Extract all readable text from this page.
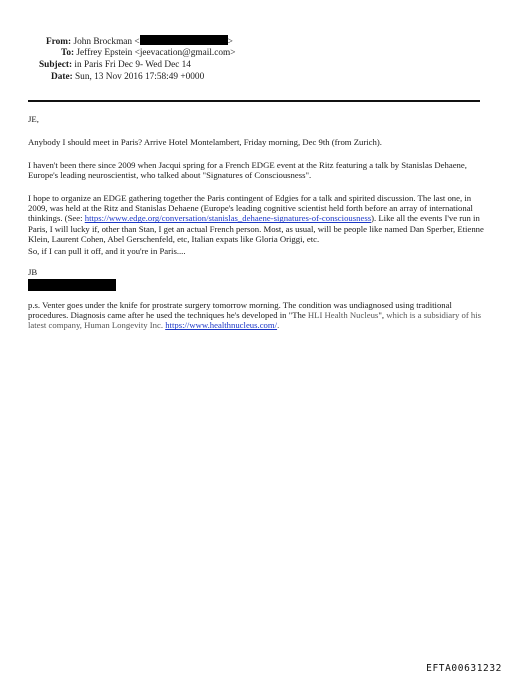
From: John Brockman <	>
To: Jeffrey Epstein <jeevacation@gmail.com>
Subject: in Paris Fri Dec 9- Wed Dec 14
Date: Sun, 13 Nov 2016 17:58:49 +0000

JE,

Anybody I should meet in Paris? Arrive Hotel Montelambert, Friday morning, Dec 9th (from Zurich).

I haven't been there since 2009 when Jacqui spring for a French EDGE event at the Ritz featuring a talk by Stanislas Dehaene, Europe's leading neuroscientist, who talked about "Signatures of Consciousness".

I hope to organize an EDGE gathering together the Paris contingent of Edgies for a talk and spirited discussion. The last one, in 2009, was held at the Ritz and Stanislas Dehaene (Europe's leading cognitive scientist held forth before an array of international thinkings. (See: https://www.edge.org/conversation/stanislas_dehaene-signatures-of-consciousness). Like all the events I've run in Paris, I will lucky if, other than Stan, I get an actual French person. Most, as usual, will be people like named Dan Sperber, Etienne Klein, Laurent Cohen, Abel Gerschenfeld, etc, Italian expats like Gloria Origgi, etc.

So, if I can pull it off, and it you're in Paris....

JB

p.s. Venter goes under the knife for prostrate surgery tomorrow morning. The condition was undiagnosed using traditional procedures. Diagnosis came after he used the techniques he's developed in "The HLI Health Nucleus", which is a subsidiary of his latest company, Human Longevity Inc. https://www.healthnucleus.com/.

EFTA00631232
